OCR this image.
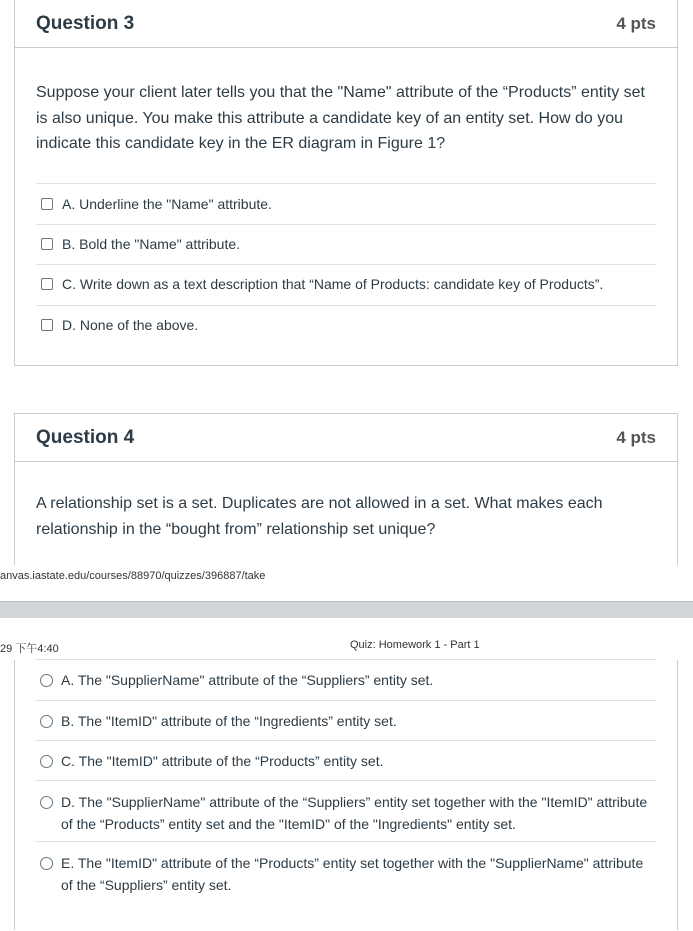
Question 3	4 pts

Suppose your client later tells you that the "Name" attribute of the “Products” entity set is also unique. You make this attribute a candidate key of an entity set. How do you indicate this candidate key in the ER diagram in Figure 1?

A. Underline the "Name" attribute.
B. Bold the "Name" attribute.
C. Write down as a text description that “Name of Products: candidate key of Products”.
D. None of the above.
Question 4	4 pts

A relationship set is a set. Duplicates are not allowed in a set. What makes each relationship in the “bought from” relationship set unique?

anvas.iastate.edu/courses/88970/quizzes/396887/take
29 下午4:40	Quiz: Homework 1 - Part 1
A. The "SupplierName" attribute of the “Suppliers” entity set.
B. The "ItemID" attribute of the “Ingredients” entity set.
C. The "ItemID" attribute of the “Products” entity set.
D. The "SupplierName" attribute of the “Suppliers” entity set together with the "ItemID" attribute of the “Products” entity set and the "ItemID" of the "Ingredients" entity set.
E. The "ItemID" attribute of the “Products” entity set together with the "SupplierName" attribute of the “Suppliers” entity set.
